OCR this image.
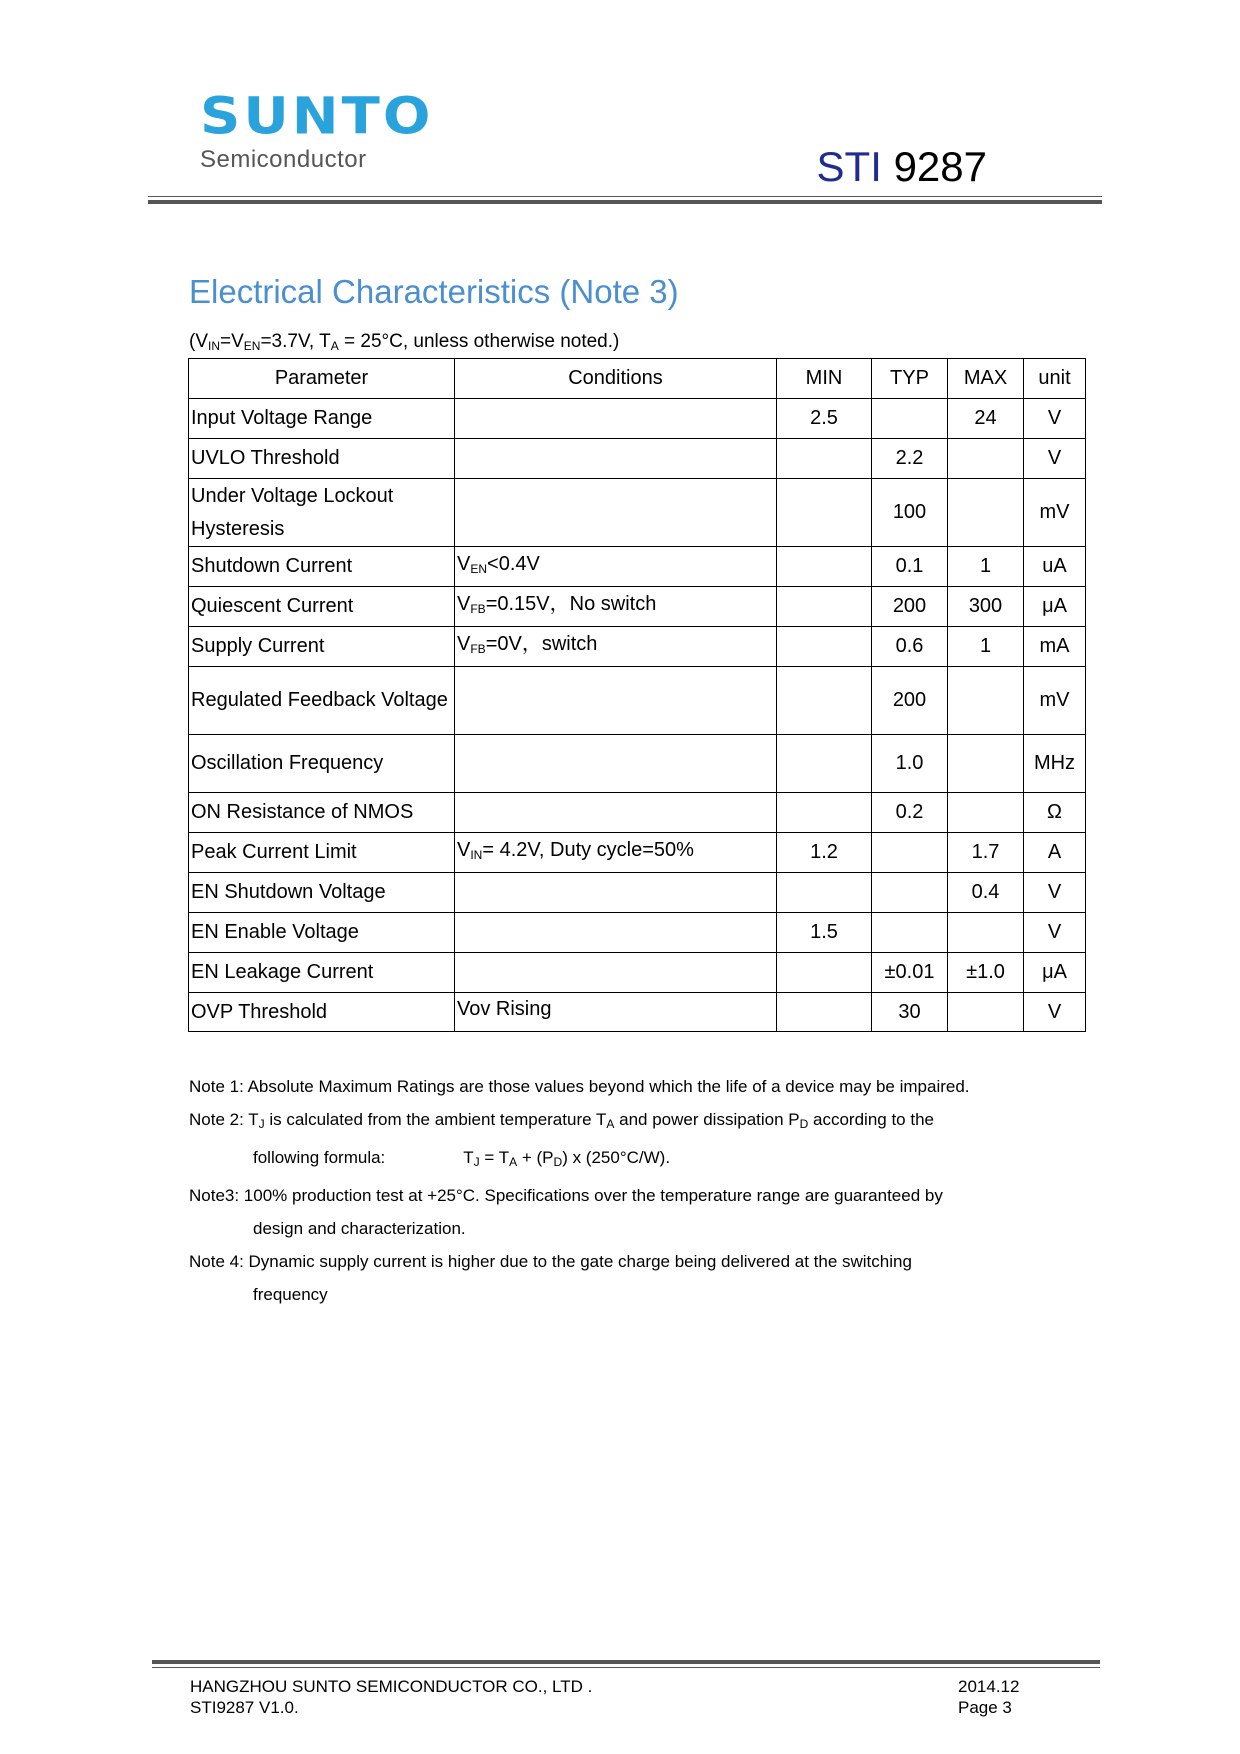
SUNTO
Semiconductor	STI 9287
Electrical Characteristics (Note 3)
($V_{IN}=V_{EN}=3.7V$, $T_A = 25^\circ C$, unless otherwise noted.)
Parameter	Conditions	MIN	TYP	MAX	unit
Input Voltage Range		2.5		24	V
UVLO Threshold			2.2		V
Under Voltage Lockout Hysteresis			100		mV
Shutdown Current	$V_{EN}<0.4V$		0.1	1	uA
Quiescent Current	$V_{FB}=0.15V$，No switch		200	300	μA
Supply Current	$V_{FB}=0V$，switch		0.6	1	mA
Regulated Feedback Voltage			200		mV
Oscillation Frequency			1.0		MHz
ON Resistance of NMOS			0.2		Ω
Peak Current Limit	$V_{IN}= 4.2V$, Duty cycle=50%	1.2		1.7	A
EN Shutdown Voltage				0.4	V
EN Enable Voltage		1.5			V
EN Leakage Current			±0.01	±1.0	μA
OVP Threshold	Vov Rising		30		V
Note 1: Absolute Maximum Ratings are those values beyond which the life of a device may be impaired.
Note 2: $T_J$ is calculated from the ambient temperature $T_A$ and power dissipation $P_D$ according to the
following formula:	$T_J = T_A + (P_D)$ x (250°C/W).
Note3: 100% production test at +25°C. Specifications over the temperature range are guaranteed by
design and characterization.
Note 4: Dynamic supply current is higher due to the gate charge being delivered at the switching
frequency
HANGZHOU SUNTO SEMICONDUCTOR CO., LTD .
STI9287 V1.0.
2014.12
Page 3
